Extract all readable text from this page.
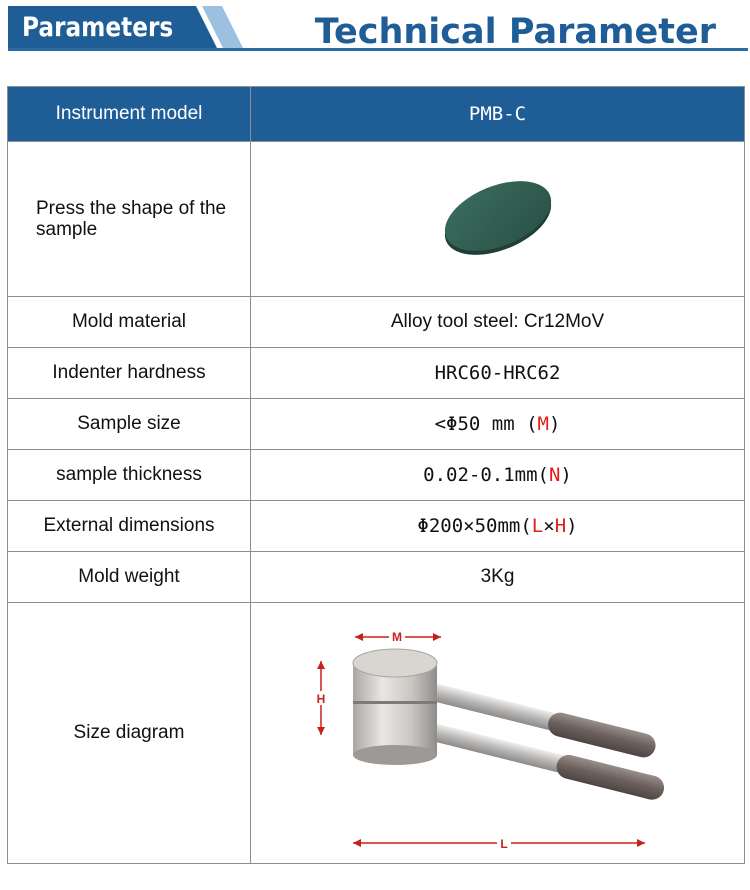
Parameters	Technical Parameter
Instrument model	PMB-C
Press the shape of the sample	
Mold material	Alloy tool steel: Cr12MoV
Indenter hardness	HRC60-HRC62
Sample size	<Φ50 mm (M)
sample thickness	0.02-0.1mm(N)
External dimensions	Φ200×50mm(L×H)
Mold weight	3Kg
Size diagram	M
H
L
